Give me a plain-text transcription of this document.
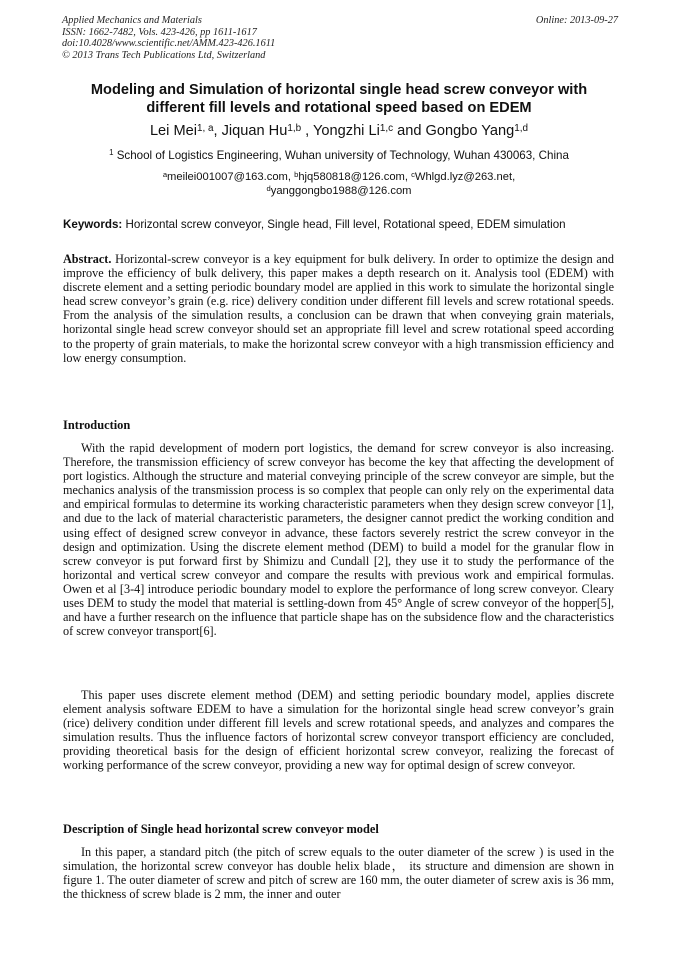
Applied Mechanics and Materials
ISSN: 1662-7482, Vols. 423-426, pp 1611-1617
doi:10.4028/www.scientific.net/AMM.423-426.1611
© 2013 Trans Tech Publications Ltd, Switzerland
Online: 2013-09-27
Modeling and Simulation of horizontal single head screw conveyor with
different fill levels and rotational speed based on EDEM
Lei Mei$^{1, a}$, Jiquan Hu$^{1,b}$ , Yongzhi Li$^{1,c}$ and Gongbo Yang$^{1,d}$
$^1$ School of Logistics Engineering, Wuhan university of Technology, Wuhan 430063, China
$^a$meilei001007@163.com, $^b$hjq580818@126.com, $^c$Whlgd.lyz@263.net,
$^d$yanggongbo1988@126.com
Keywords: Horizontal screw conveyor, Single head, Fill level, Rotational speed, EDEM simulation
Abstract. Horizontal-screw conveyor is a key equipment for bulk delivery. In order to optimize the design and improve the efficiency of bulk delivery, this paper makes a depth research on it. Analysis tool (EDEM) with discrete element and a setting periodic boundary model are applied in this work to simulate the horizontal single head screw conveyor’s grain (e.g. rice) delivery condition under different fill levels and screw rotational speeds. From the analysis of the simulation results, a conclusion can be drawn that when conveying grain materials, horizontal single head screw conveyor should set an appropriate fill level and screw rotational speed according to the property of grain materials, to make the horizontal screw conveyor with a high transmission efficiency and low energy consumption.
Introduction
With the rapid development of modern port logistics, the demand for screw conveyor is also increasing. Therefore, the transmission efficiency of screw conveyor has become the key that affecting the development of port logistics. Although the structure and material conveying principle of the screw conveyor are simple, but the mechanics analysis of the transmission process is so complex that people can only rely on the experimental data and empirical formulas to determine its working characteristic parameters when they design screw conveyor [1], and due to the lack of material characteristic parameters, the designer cannot predict the working condition and using effect of designed screw conveyor in advance, these factors severely restrict the screw conveyor in the design and optimization. Using the discrete element method (DEM) to build a model for the granular flow in screw conveyor is put forward first by Shimizu and Cundall [2], they use it to study the performance of the horizontal and vertical screw conveyor and compare the results with previous work and empirical formulas. Owen et al [3-4] introduce periodic boundary model to explore the performance of long screw conveyor. Cleary uses DEM to study the model that material is settling-down from 45° Angle of screw conveyor of the hopper[5], and have a further research on the influence that particle shape has on the subsidence flow and the characteristics of screw conveyor transport[6].
This paper uses discrete element method (DEM) and setting periodic boundary model, applies discrete element analysis software EDEM to have a simulation for the horizontal single head screw conveyor’s grain (rice) delivery condition under different fill levels and screw rotational speeds, and analyzes and compares the simulation results. Thus the influence factors of horizontal screw conveyor transport efficiency are concluded, providing theoretical basis for the design of efficient horizontal screw conveyor, realizing the forecast of working performance of the screw conveyor, providing a new way for optimal design of screw conveyor.
Description of Single head horizontal screw conveyor model
In this paper, a standard pitch (the pitch of screw equals to the outer diameter of the screw ) is used in the simulation, the horizontal screw conveyor has double helix blade， its structure and dimension are shown in figure 1. The outer diameter of screw and pitch of screw are 160 mm, the outer diameter of screw axis is 36 mm, the thickness of screw blade is 2 mm, the inner and outer
